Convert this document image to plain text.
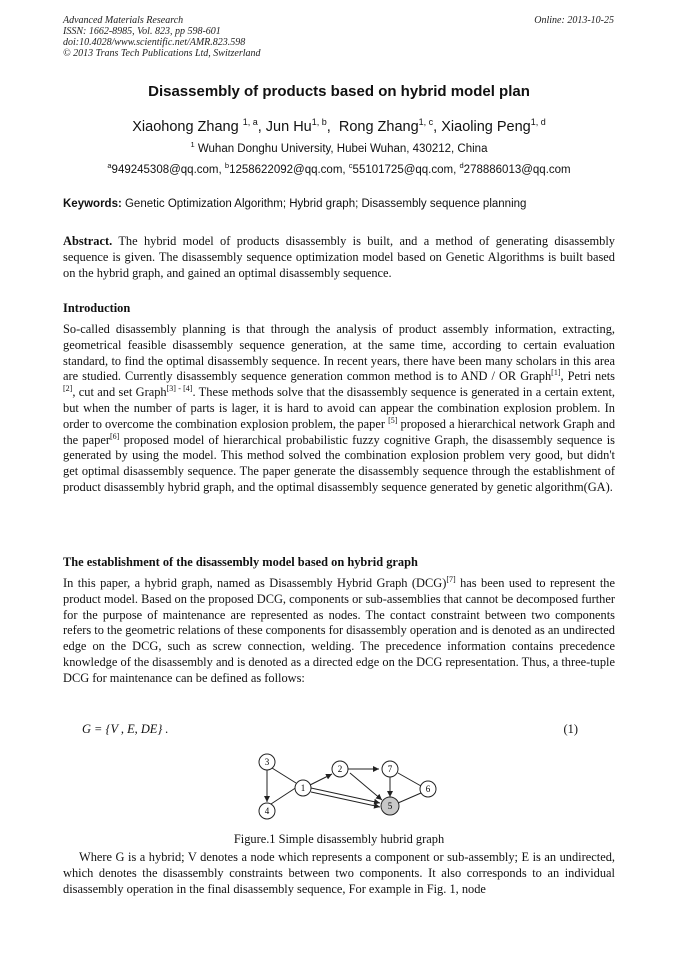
Advanced Materials Research
ISSN: 1662-8985, Vol. 823, pp 598-601
doi:10.4028/www.scientific.net/AMR.823.598
© 2013 Trans Tech Publications Ltd, Switzerland
Online: 2013-10-25
Disassembly of products based on hybrid model plan
Xiaohong Zhang $^{1, a}$, Jun Hu$^{1, b}$,  Rong Zhang$^{1, c}$, Xiaoling Peng$^{1, d}$
$^1$ Wuhan Donghu University, Hubei Wuhan, 430212, China
$^a$949245308@qq.com, $^b$1258622092@qq.com, $^c$55101725@qq.com, $^d$278886013@qq.com
Keywords: Genetic Optimization Algorithm; Hybrid graph; Disassembly sequence planning
Abstract. The hybrid model of products disassembly is built, and a method of generating disassembly sequence is given. The disassembly sequence optimization model based on Genetic Algorithms is built based on the hybrid graph, and gained an optimal disassembly sequence.
Introduction
So-called disassembly planning is that through the analysis of product assembly information, extracting, geometrical feasible disassembly sequence generation, at the same time, according to certain evaluation standard, to find the optimal disassembly sequence. In recent years, there have been many scholars in this area are studied. Currently disassembly sequence generation common method is to AND / OR Graph[1], Petri nets [2], cut and set Graph[3] - [4]. These methods solve that the disassembly sequence is generated in a certain extent, but when the number of parts is lager, it is hard to avoid can appear the combination explosion problem. In order to overcome the combination explosion problem, the paper [5] proposed a hierarchical network Graph and the paper[6] proposed model of hierarchical probabilistic fuzzy cognitive Graph, the disassembly sequence is generated by using the model. This method solved the combination explosion problem very good, but didn't get optimal disassembly sequence. The paper generate the disassembly sequence through the establishment of product disassembly hybrid graph, and the optimal disassembly sequence generated by genetic algorithm(GA).
The establishment of the disassembly model based on hybrid graph
In this paper, a hybrid graph, named as Disassembly Hybrid Graph (DCG)[7] has been used to represent the product model. Based on the proposed DCG, components or sub-assemblies that cannot be decomposed further for the purpose of maintenance are represented as nodes. The contact constraint between two components refers to the geometric relations of these components for disassembly operation and is denoted as an undirected edge on the DCG, such as screw connection, welding. The precedence information contains precedence knowledge of the disassembly and is denoted as a directed edge on the DCG representation. Thus, a three-tuple DCG for maintenance can be defined as follows:
G = {V , E, DE} .	(1)
3
4
1
2	7
5
6
Figure.1 Simple disassembly hubrid graph
Where G is a hybrid; V denotes a node which represents a component or sub-assembly; E is an undirected, which denotes the disassembly constraints between two components. It also corresponds to an individual disassembly operation in the final disassembly sequence, For example in Fig. 1, node
